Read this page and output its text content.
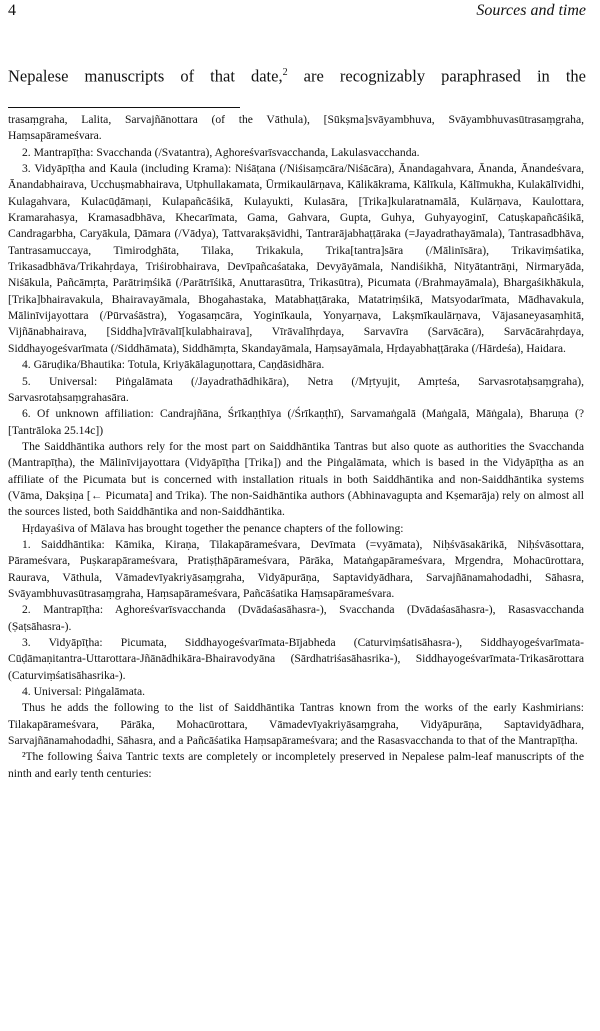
4	Sources and time
Nepalese manuscripts of that date,$^2$ are recognizably paraphrased in the

trasaṃgraha, Lalita, Sarvajñānottara (of the Vāthula), [Sūkṣma]svāyambhuva, Svāyambhuvasūtrasaṃgraha, Haṃsapārameśvara.

2. Mantrapīṭha: Svacchanda (/Svatantra), Aghoreśvarīsvacchanda, Lakulasvacchanda.

3. Vidyāpīṭha and Kaula (including Krama): Niśāṭana (/Niśisaṃcāra/Niśācāra), Ānandagahvara, Ānanda, Ānandeśvara, Ānandabhairava, Ucchuṣmabhairava, Utphullakamata, Ūrmikaulārṇava, Kālikākrama, Kālīkula, Kālīmukha, Kulakālīvidhi, Kulagahvara, Kulacūḍāmaṇi, Kulapañcāśikā, Kulayukti, Kulasāra, [Trika]kularatnamālā, Kulārṇava, Kaulottara, Kramarahasya, Kramasadbhāva, Khecarīmata, Gama, Gahvara, Gupta, Guhya, Guhyayoginī, Catuṣkapañcāśikā, Candragarbha, Caryākula, Ḍāmara (/Vādya), Tattvarakṣāvidhi, Tantrarājabhaṭṭāraka (=Jayadrathayāmala), Tantrasadbhāva, Tantrasamuccaya, Timirodghāta, Tilaka, Trikakula, Trika[tantra]sāra (/Mālinīsāra), Trikaviṃśatika, Trikasadbhāva/Trikahṛdaya, Triśirobhairava, Devīpañcaśataka, Devyāyāmala, Nandiśikhā, Nityātantrāṇi, Nirmaryāda, Niśākula, Pañcāmṛta, Parātriṃśikā (/Parātrīśikā, Anuttarasūtra, Trikasūtra), Picumata (/Brahmayāmala), Bhargaśikhākula, [Trika]bhairavakula, Bhairavayāmala, Bhogahastaka, Matabhaṭṭāraka, Matatriṃśikā, Matsyodarīmata, Mādhavakula, Mālinīvijayottara (/Pūrvaśāstra), Yogasaṃcāra, Yoginīkaula, Yonyarṇava, Lakṣmīkaulārṇava, Vājasaneyasaṃhitā, Vijñānabhairava, [Siddha]vīrāvalī[kulabhairava], Vīrāvalīhṛdaya, Sarvavīra (Sarvācāra), Sarvācārahṛdaya, Siddhayogeśvarīmata (/Siddhāmata), Siddhāmṛta, Skandayāmala, Haṃsayāmala, Hṛdayabhaṭṭāraka (/Hārdeśa), Haidara.

4. Gāruḍika/Bhautika: Totula, Kriyākālaguṇottara, Caṇḍāsidhāra.

5. Universal: Piṅgalāmata (/Jayadrathādhikāra), Netra (/Mṛtyujit, Amṛteśa, Sarvasrotaḥsaṃgraha), Sarvasrotaḥsaṃgrahasāra.

6. Of unknown affiliation: Candrajñāna, Śrīkaṇṭhīya (/Śrīkaṇṭhī), Sarvamaṅgalā (Maṅgalā, Māṅgala), Bharuṇa (?[Tantrāloka 25.14c])

The Saiddhāntika authors rely for the most part on Saiddhāntika Tantras but also quote as authorities the Svacchanda (Mantrapīṭha), the Mālinīvijayottara (Vidyāpīṭha [Trika]) and the Piṅgalāmata, which is based in the Vidyāpīṭha as an affiliate of the Picumata but is concerned with installation rituals in both Saiddhāntika and non-Saiddhāntika systems (Vāma, Dakṣiṇa [← Picumata] and Trika). The non-Saidhāntika authors (Abhinavagupta and Kṣemarāja) rely on almost all the sources listed, both Saiddhāntika and non-Saiddhāntika.

Hṛdayaśiva of Mālava has brought together the penance chapters of the following:

1. Saiddhāntika: Kāmika, Kiraṇa, Tilakapārameśvara, Devīmata (=vyāmata), Niḥśvāsakārikā, Niḥśvāsottara, Pārameśvara, Puṣkarapārameśvara, Pratiṣṭhāpārameśvara, Pārāka, Mataṅgapārameśvara, Mṛgendra, Mohacūrottara, Raurava, Vāthula, Vāmadevīyakriyāsaṃgraha, Vidyāpurāṇa, Saptavidyādhara, Sarvajñānamahodadhi, Sāhasra, Svāyambhuvasūtrasaṃgraha, Haṃsapārameśvara, Pañcāśatika Haṃsapārameśvara.

2. Mantrapīṭha: Aghoreśvarīsvacchanda (Dvādaśasāhasra-), Svacchanda (Dvādaśasāhasra-), Rasasvacchanda (Ṣaṭsāhasra-).

3. Vidyāpīṭha: Picumata, Siddhayogeśvarīmata-Bījabheda (Caturviṃśatisāhasra-), Siddhayogeśvarīmata-Cūḍāmaṇitantra-Uttarottara-Jñānādhikāra-Bhairavodyāna (Sārdhatriśasāhasrika-), Siddhayogeśvarīmata-Trikasārottara (Caturviṃśatisāhasrika-).

4. Universal: Piṅgalāmata.

Thus he adds the following to the list of Saiddhāntika Tantras known from the works of the early Kashmirians: Tilakapārameśvara, Pārāka, Mohacūrottara, Vāmadevīyakriyāsaṃgraha, Vidyāpurāṇa, Saptavidyādhara, Sarvajñānamahodadhi, Sāhasra, and a Pañcāśatika Haṃsapārameśvara; and the Rasasvacchanda to that of the Mantrapīṭha.

²The following Śaiva Tantric texts are completely or incompletely preserved in Nepalese palm-leaf manuscripts of the ninth and early tenth centuries:
